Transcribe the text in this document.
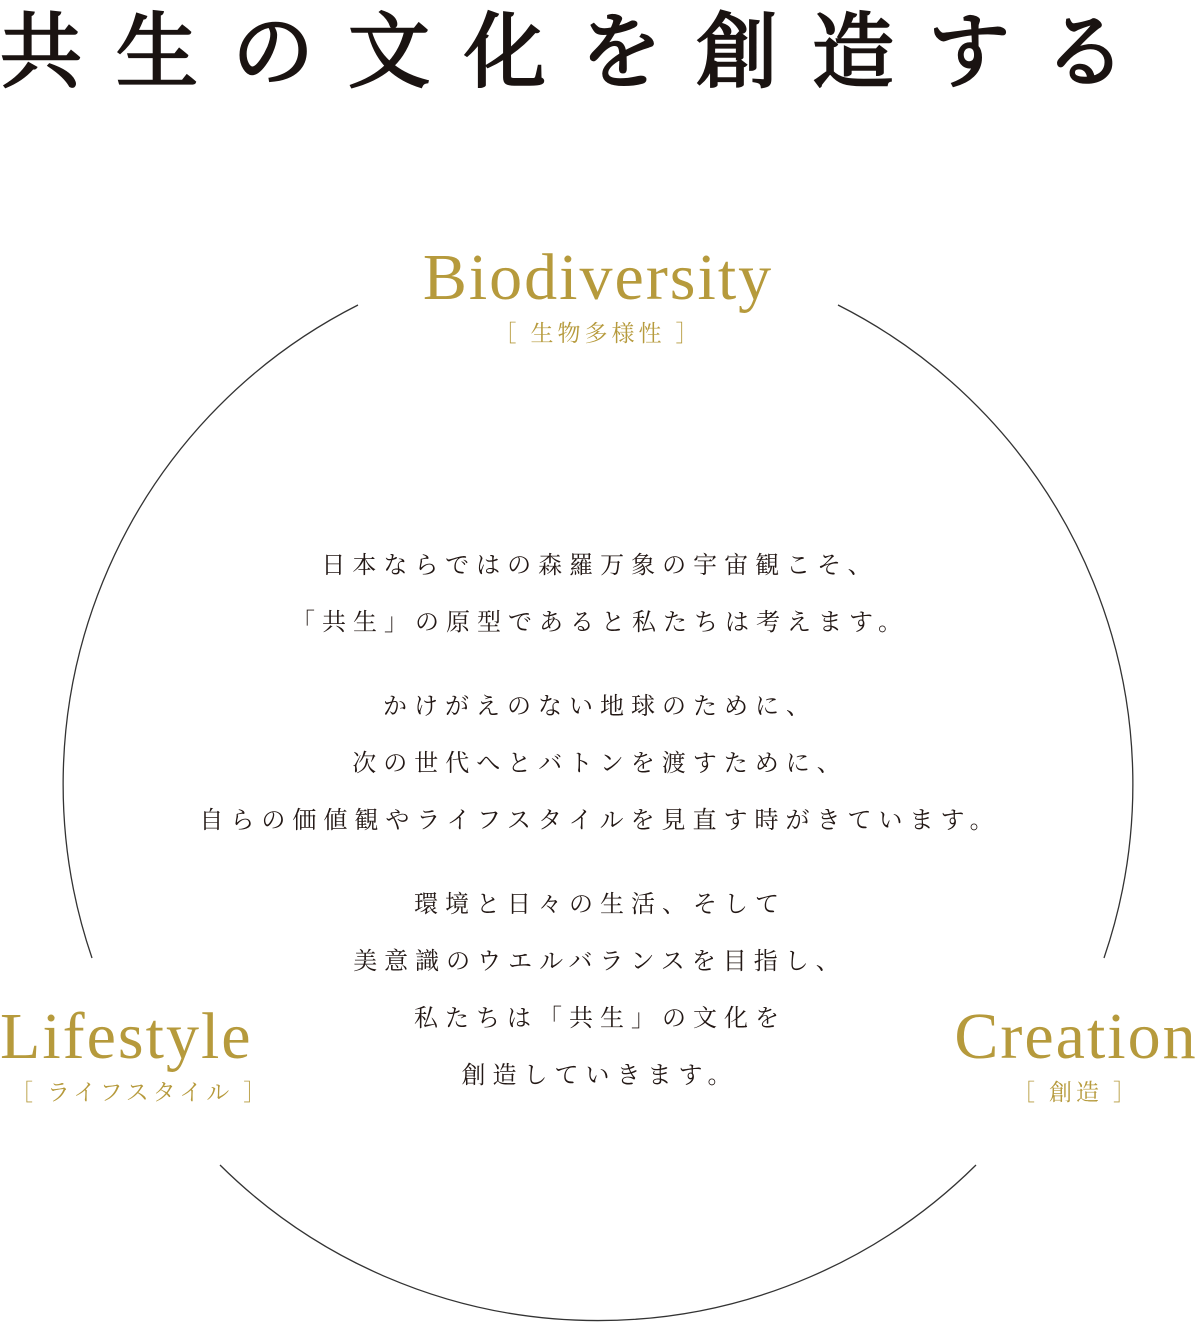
共生の文化を創造する
Biodiversity
［ 生物多様性 ］
Lifestyle
［ ライフスタイル ］
Creation
［ 創造 ］
日本ならではの森羅万象の宇宙観こそ、
「共生」の原型であると私たちは考えます。
かけがえのない地球のために、
次の世代へとバトンを渡すために、
自らの価値観やライフスタイルを見直す時がきています。
環境と日々の生活、そして
美意識のウエルバランスを目指し、
私たちは「共生」の文化を
創造していきます。
